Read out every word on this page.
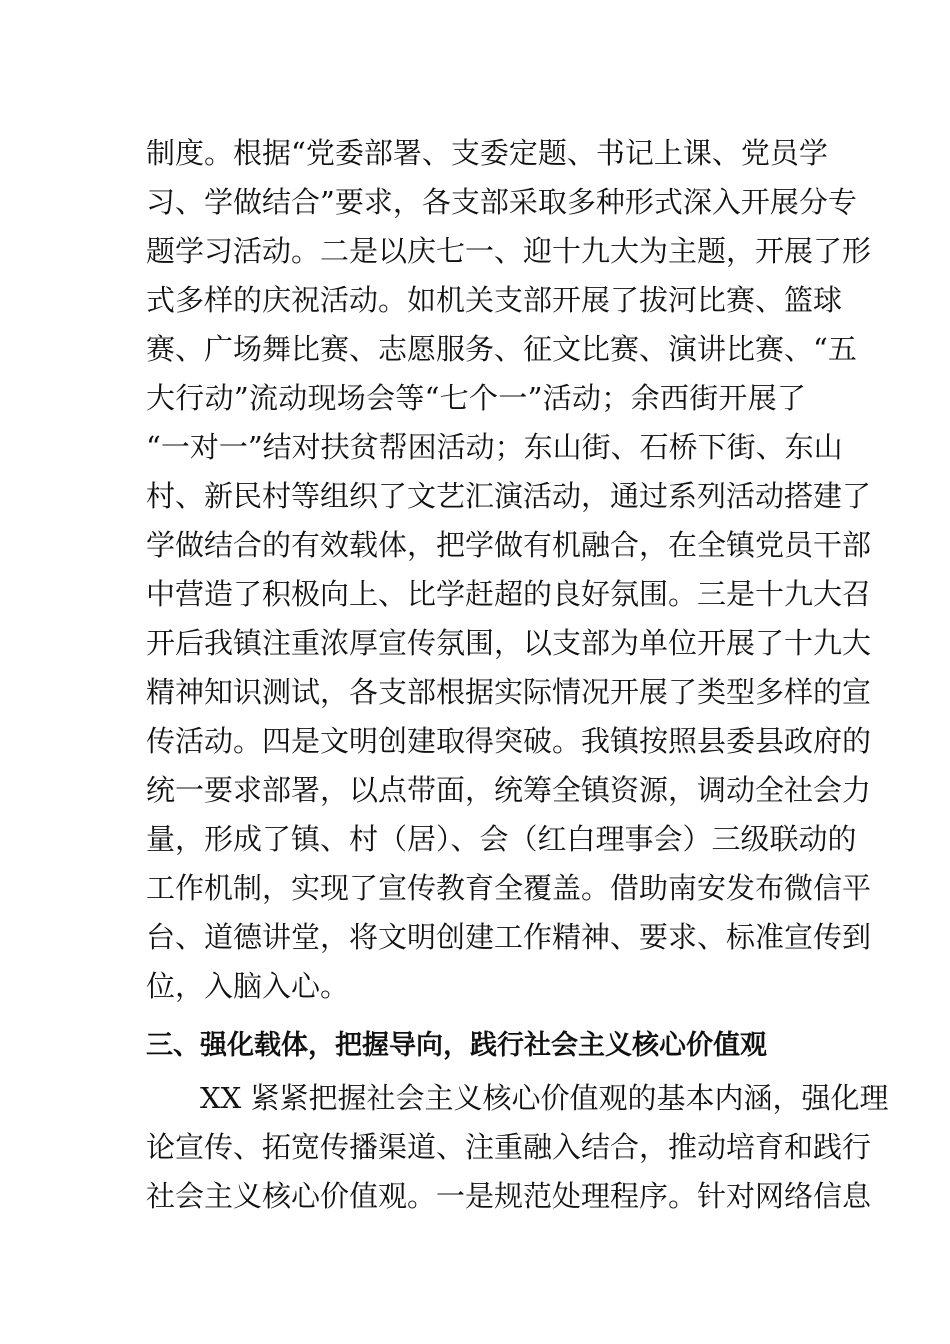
制度。根据“党委部署、支委定题、书记上课、党员学
习、学做结合”要求，各支部采取多种形式深入开展分专
题学习活动。二是以庆七一、迎十九大为主题，开展了形
式多样的庆祝活动。如机关支部开展了拔河比赛、篮球
赛、广场舞比赛、志愿服务、征文比赛、演讲比赛、“五
大行动”流动现场会等“七个一”活动；余西街开展了
“一对一”结对扶贫帮困活动；东山街、石桥下街、东山
村、新民村等组织了文艺汇演活动，通过系列活动搭建了
学做结合的有效载体，把学做有机融合，在全镇党员干部
中营造了积极向上、比学赶超的良好氛围。三是十九大召
开后我镇注重浓厚宣传氛围，以支部为单位开展了十九大
精神知识测试，各支部根据实际情况开展了类型多样的宣
传活动。四是文明创建取得突破。我镇按照县委县政府的
统一要求部署，以点带面，统筹全镇资源，调动全社会力
量，形成了镇、村（居）、会（红白理事会）三级联动的
工作机制，实现了宣传教育全覆盖。借助南安发布微信平
台、道德讲堂，将文明创建工作精神、要求、标准宣传到
位，入脑入心。
三、强化载体，把握导向，践行社会主义核心价值观
XX 紧紧把握社会主义核心价值观的基本内涵，强化理
论宣传、拓宽传播渠道、注重融入结合，推动培育和践行
社会主义核心价值观。一是规范处理程序。针对网络信息
